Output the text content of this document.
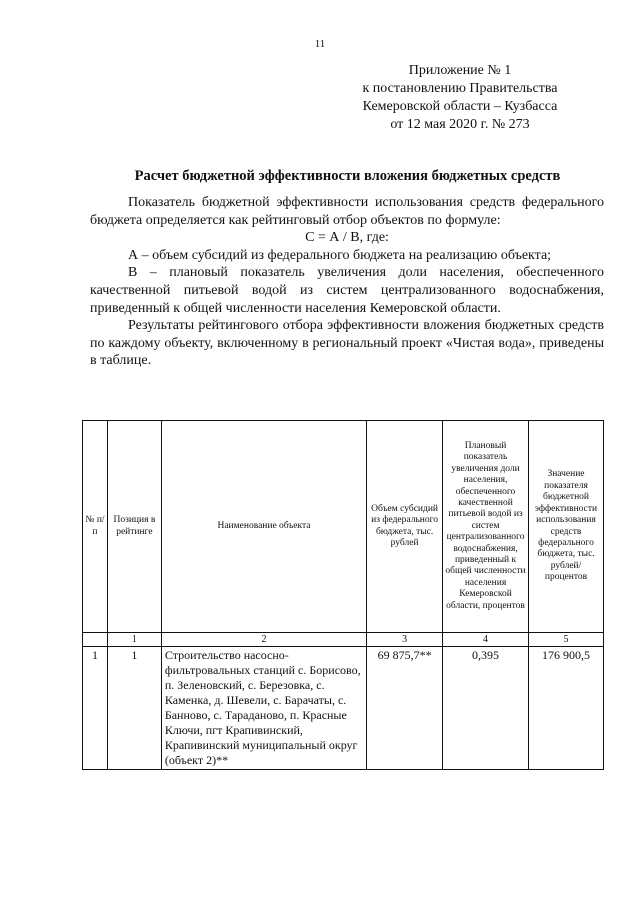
11
Приложение № 1
к постановлению Правительства
Кемеровской области – Кузбасса
от 12 мая 2020 г. № 273
Расчет бюджетной эффективности вложения бюджетных средств

Показатель бюджетной эффективности использования средств федерального бюджета определяется как рейтинговый отбор объектов по формуле:

С = А / В, где:

А – объем субсидий из федерального бюджета на реализацию объекта;

В – плановый показатель увеличения доли населения, обеспеченного качественной питьевой водой из систем централизованного водоснабжения, приведенный к общей численности населения Кемеровской области.

Результаты рейтингового отбора эффективности вложения бюджетных средств по каждому объекту, включенному в региональный проект «Чистая вода», приведены в таблице.

№ п/п	Позиция в рейтинге	Наименование объекта	Объем субсидий из федерального бюджета, тыс. рублей	Плановый показатель увеличения доли населения, обеспеченного качественной питьевой водой из систем централизованного водоснабжения, приведенный к общей численности населения Кемеровской области, процентов	Значение показателя бюджетной эффективности использования средств федерального бюджета, тыс. рублей/ процентов
	1	2	3	4	5
1	1	Строительство насосно-фильтровальных станций с. Борисово, п. Зеленовский, с. Березовка, с. Каменка, д. Шевели, с. Барачаты, с. Банново, с. Тараданово, п. Красные Ключи, пгт Крапивинский, Крапивинский муниципальный округ (объект 2)**	69 875,7**	0,395	176 900,5
